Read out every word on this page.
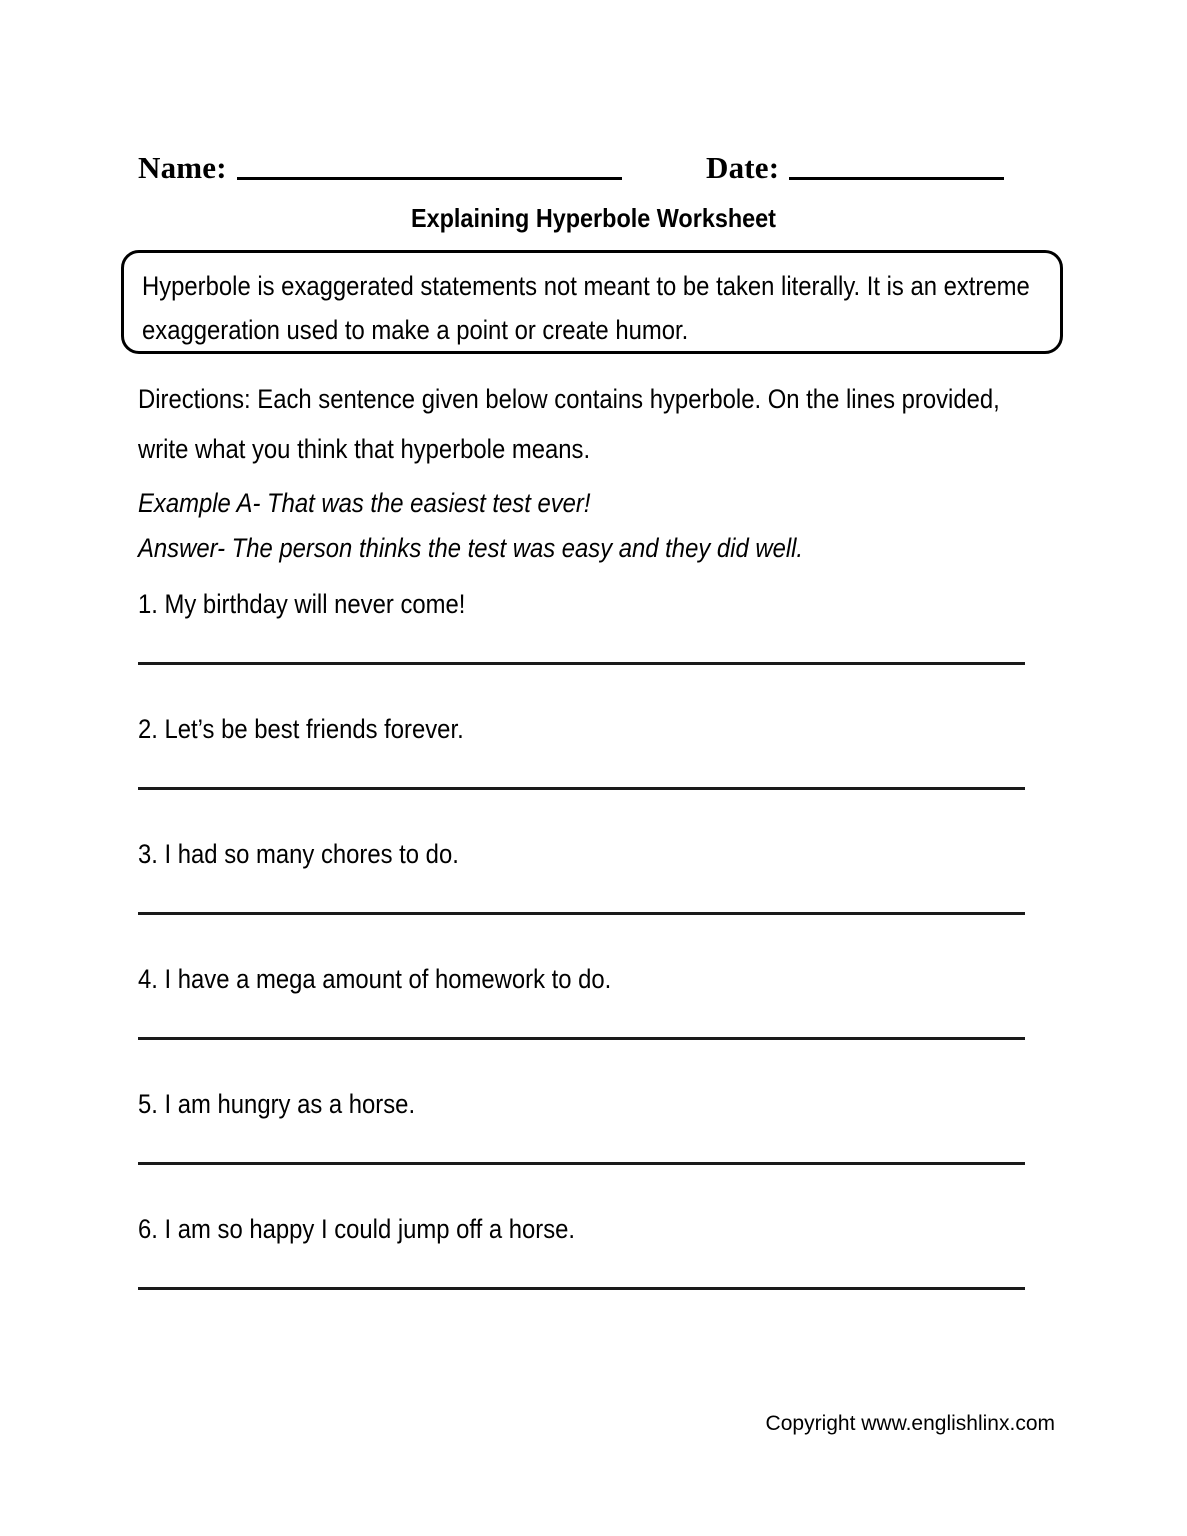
Name:	Date:
Explaining Hyperbole Worksheet
Hyperbole is exaggerated statements not meant to be taken literally. It is an extreme exaggeration used to make a point or create humor.
Directions: Each sentence given below contains hyperbole. On the lines provided, write what you think that hyperbole means.
Example A- That was the easiest test ever!
Answer- The person thinks the test was easy and they did well.
1. My birthday will never come!
2. Let’s be best friends forever.
3. I had so many chores to do.
4. I have a mega amount of homework to do.
5. I am hungry as a horse.
6. I am so happy I could jump off a horse.
Copyright www.englishlinx.com
